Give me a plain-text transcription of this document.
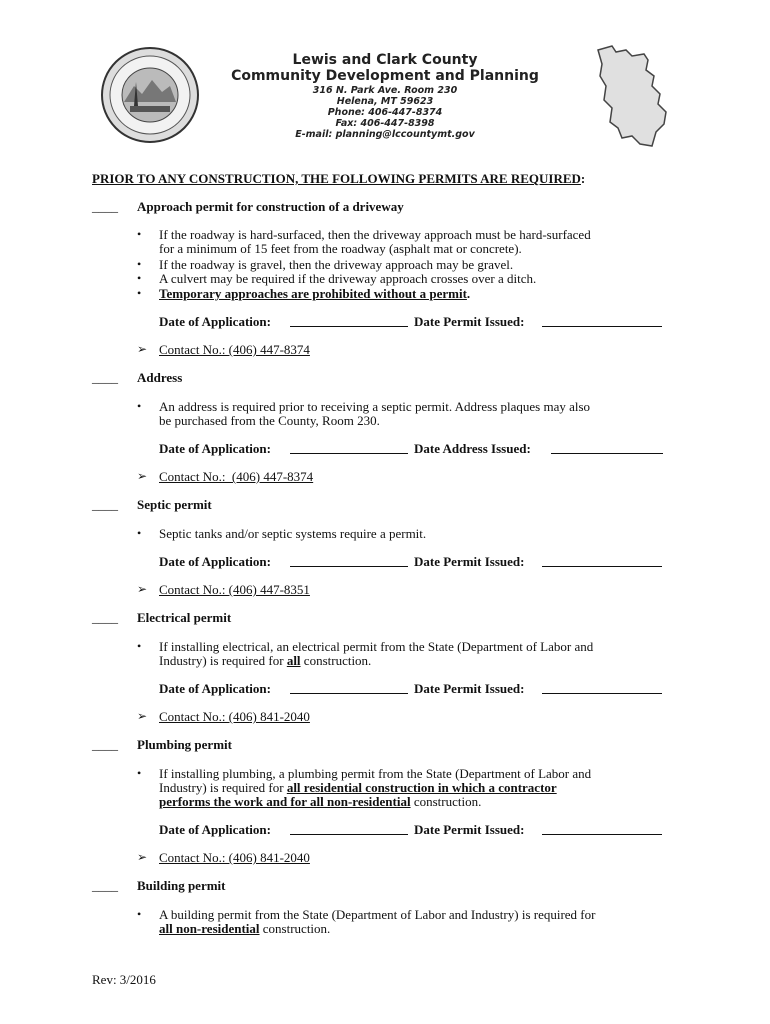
Lewis and Clark County
Community Development and Planning
316 N. Park Ave. Room 230
Helena, MT 59623
Phone: 406-447-8374
Fax: 406-447-8398
E-mail: planning@lccountymt.gov
PRIOR TO ANY CONSTRUCTION, THE FOLLOWING PERMITS ARE REQUIRED:
____ Approach permit for construction of a driveway
• If the roadway is hard-surfaced, then the driveway approach must be hard-surfaced
for a minimum of 15 feet from the roadway (asphalt mat or concrete).
• If the roadway is gravel, then the driveway approach may be gravel.
• A culvert may be required if the driveway approach crosses over a ditch.
• Temporary approaches are prohibited without a permit.
Date of Application:	Date Permit Issued:
➢ Contact No.: (406) 447-8374
____ Address
• An address is required prior to receiving a septic permit. Address plaques may also
be purchased from the County, Room 230.
Date of Application:	Date Address Issued:
➢ Contact No.:  (406) 447-8374
____ Septic permit
• Septic tanks and/or septic systems require a permit.
Date of Application:	Date Permit Issued:
➢ Contact No.: (406) 447-8351
____ Electrical permit
• If installing electrical, an electrical permit from the State (Department of Labor and
Industry) is required for all construction.
Date of Application:	Date Permit Issued:
➢ Contact No.: (406) 841-2040
____ Plumbing permit
• If installing plumbing, a plumbing permit from the State (Department of Labor and
Industry) is required for all residential construction in which a contractor
performs the work and for all non-residential construction.
Date of Application:	Date Permit Issued:
➢ Contact No.: (406) 841-2040
____ Building permit
• A building permit from the State (Department of Labor and Industry) is required for
all non-residential construction.
Rev: 3/2016
